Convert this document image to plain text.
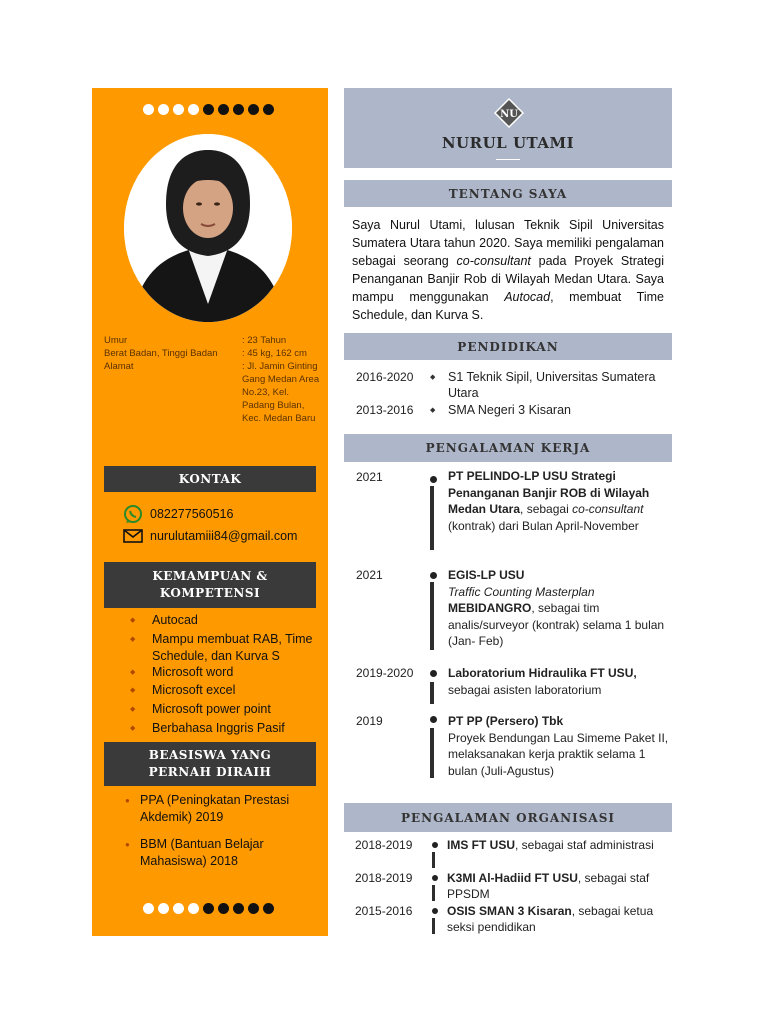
Umur	: 23 Tahun
Berat Badan, Tinggi Badan	: 45 kg, 162 cm
Alamat	: Jl. Jamin Ginting Gang Medan Area No.23, Kel. Padang Bulan, Kec. Medan Baru
KONTAK
082277560516
nurulutamiii84@gmail.com
KEMAMPUAN & KOMPETENSI
◆ Autocad
◆ Mampu membuat RAB, Time Schedule, dan Kurva S
◆ Microsoft word
◆ Microsoft excel
◆ Microsoft power point
◆ Berbahasa Inggris Pasif
BEASISWA YANG PERNAH DIRAIH
● PPA (Peningkatan Prestasi Akdemik) 2019
● BBM (Bantuan Belajar Mahasiswa) 2018
NU
NURUL UTAMI
TENTANG SAYA
Saya Nurul Utami, lulusan Teknik Sipil Universitas Sumatera Utara tahun 2020. Saya memiliki pengalaman sebagai seorang co-consultant pada Proyek Strategi Penanganan Banjir Rob di Wilayah Medan Utara. Saya mampu menggunakan Autocad, membuat Time Schedule, dan Kurva S.
PENDIDIKAN
2016-2020 ◆ S1 Teknik Sipil, Universitas Sumatera Utara
2013-2016 ◆ SMA Negeri 3 Kisaran
PENGALAMAN KERJA
2021	PT PELINDO-LP USU Strategi Penanganan Banjir ROB di Wilayah Medan Utara, sebagai co-consultant (kontrak) dari Bulan April-November
2021	EGIS-LP USU
Traffic Counting Masterplan
MEBIDANGRO, sebagai tim analis/surveyor (kontrak) selama 1 bulan (Jan- Feb)
2019-2020	Laboratorium Hidraulika FT USU,
sebagai asisten laboratorium
2019	PT PP (Persero) Tbk
Proyek Bendungan Lau Simeme Paket II, melaksanakan kerja praktik selama 1 bulan (Juli-Agustus)
PENGALAMAN ORGANISASI
2018-2019	IMS FT USU, sebagai staf administrasi
2018-2019	K3MI Al-Hadiid FT USU, sebagai staf PPSDM
2015-2016	OSIS SMAN 3 Kisaran, sebagai ketua seksi pendidikan
